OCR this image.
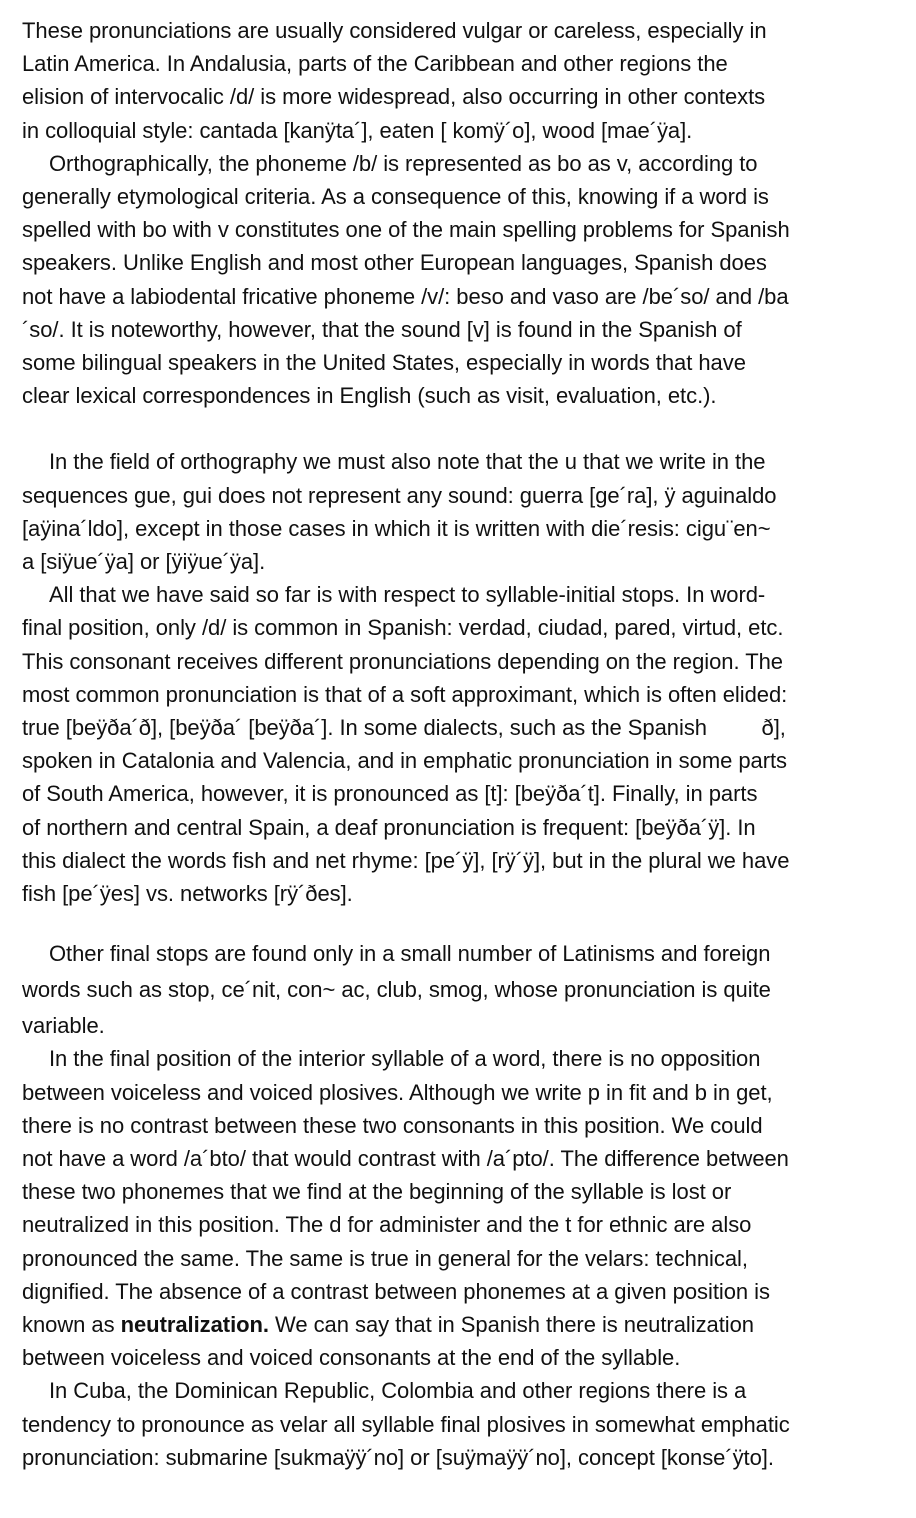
These pronunciations are usually considered vulgar or careless, especially in
Latin America. In Andalusia, parts of the Caribbean and other regions the
elision of intervocalic /d/ is more widespread, also occurring in other contexts
in colloquial style: cantada [kanÿta´], eaten [ komÿ´o], wood [mae´ÿa].
Orthographically, the phoneme /b/ is represented as bo as v, according to
generally etymological criteria. As a consequence of this, knowing if a word is
spelled with bo with v constitutes one of the main spelling problems for Spanish
speakers. Unlike English and most other European languages, Spanish does
not have a labiodental fricative phoneme /v/: beso and vaso are /be´so/ and /ba
´so/. It is noteworthy, however, that the sound [v] is found in the Spanish of
some bilingual speakers in the United States, especially in words that have
clear lexical correspondences in English (such as visit, evaluation, etc.).
In the field of orthography we must also note that the u that we write in the
sequences gue, gui does not represent any sound: guerra [ge´ra], ÿ aguinaldo
[aÿina´ldo], except in those cases in which it is written with die´resis: cigu¨en~
a [siÿue´ÿa] or [ÿiÿue´ÿa].
All that we have said so far is with respect to syllable-initial stops. In word-
final position, only /d/ is common in Spanish: verdad, ciudad, pared, virtud, etc.
This consonant receives different pronunciations depending on the region. The
most common pronunciation is that of a soft approximant, which is often elided:
true [beÿða´ð], [beÿða´ [beÿða´]. In some dialects, such as the Spanish         ð],
spoken in Catalonia and Valencia, and in emphatic pronunciation in some parts
of South America, however, it is pronounced as [t]: [beÿða´t]. Finally, in parts
of northern and central Spain, a deaf pronunciation is frequent: [beÿða´ÿ]. In
this dialect the words fish and net rhyme: [pe´ÿ], [rÿ´ÿ], but in the plural we have
fish [pe´ÿes] vs. networks [rÿ´ðes].
Other final stops are found only in a small number of Latinisms and foreign
words such as stop, ce´nit, con~ ac, club, smog, whose pronunciation is quite
variable.
In the final position of the interior syllable of a word, there is no opposition
between voiceless and voiced plosives. Although we write p in fit and b in get,
there is no contrast between these two consonants in this position. We could
not have a word /a´bto/ that would contrast with /a´pto/. The difference between
these two phonemes that we find at the beginning of the syllable is lost or
neutralized in this position. The d for administer and the t for ethnic are also
pronounced the same. The same is true in general for the velars: technical,
dignified. The absence of a contrast between phonemes at a given position is
known as neutralization. We can say that in Spanish there is neutralization
between voiceless and voiced consonants at the end of the syllable.
In Cuba, the Dominican Republic, Colombia and other regions there is a
tendency to pronounce as velar all syllable final plosives in somewhat emphatic
pronunciation: submarine [sukmaÿÿ´no] or [suÿmaÿÿ´no], concept [konse´ÿto].
